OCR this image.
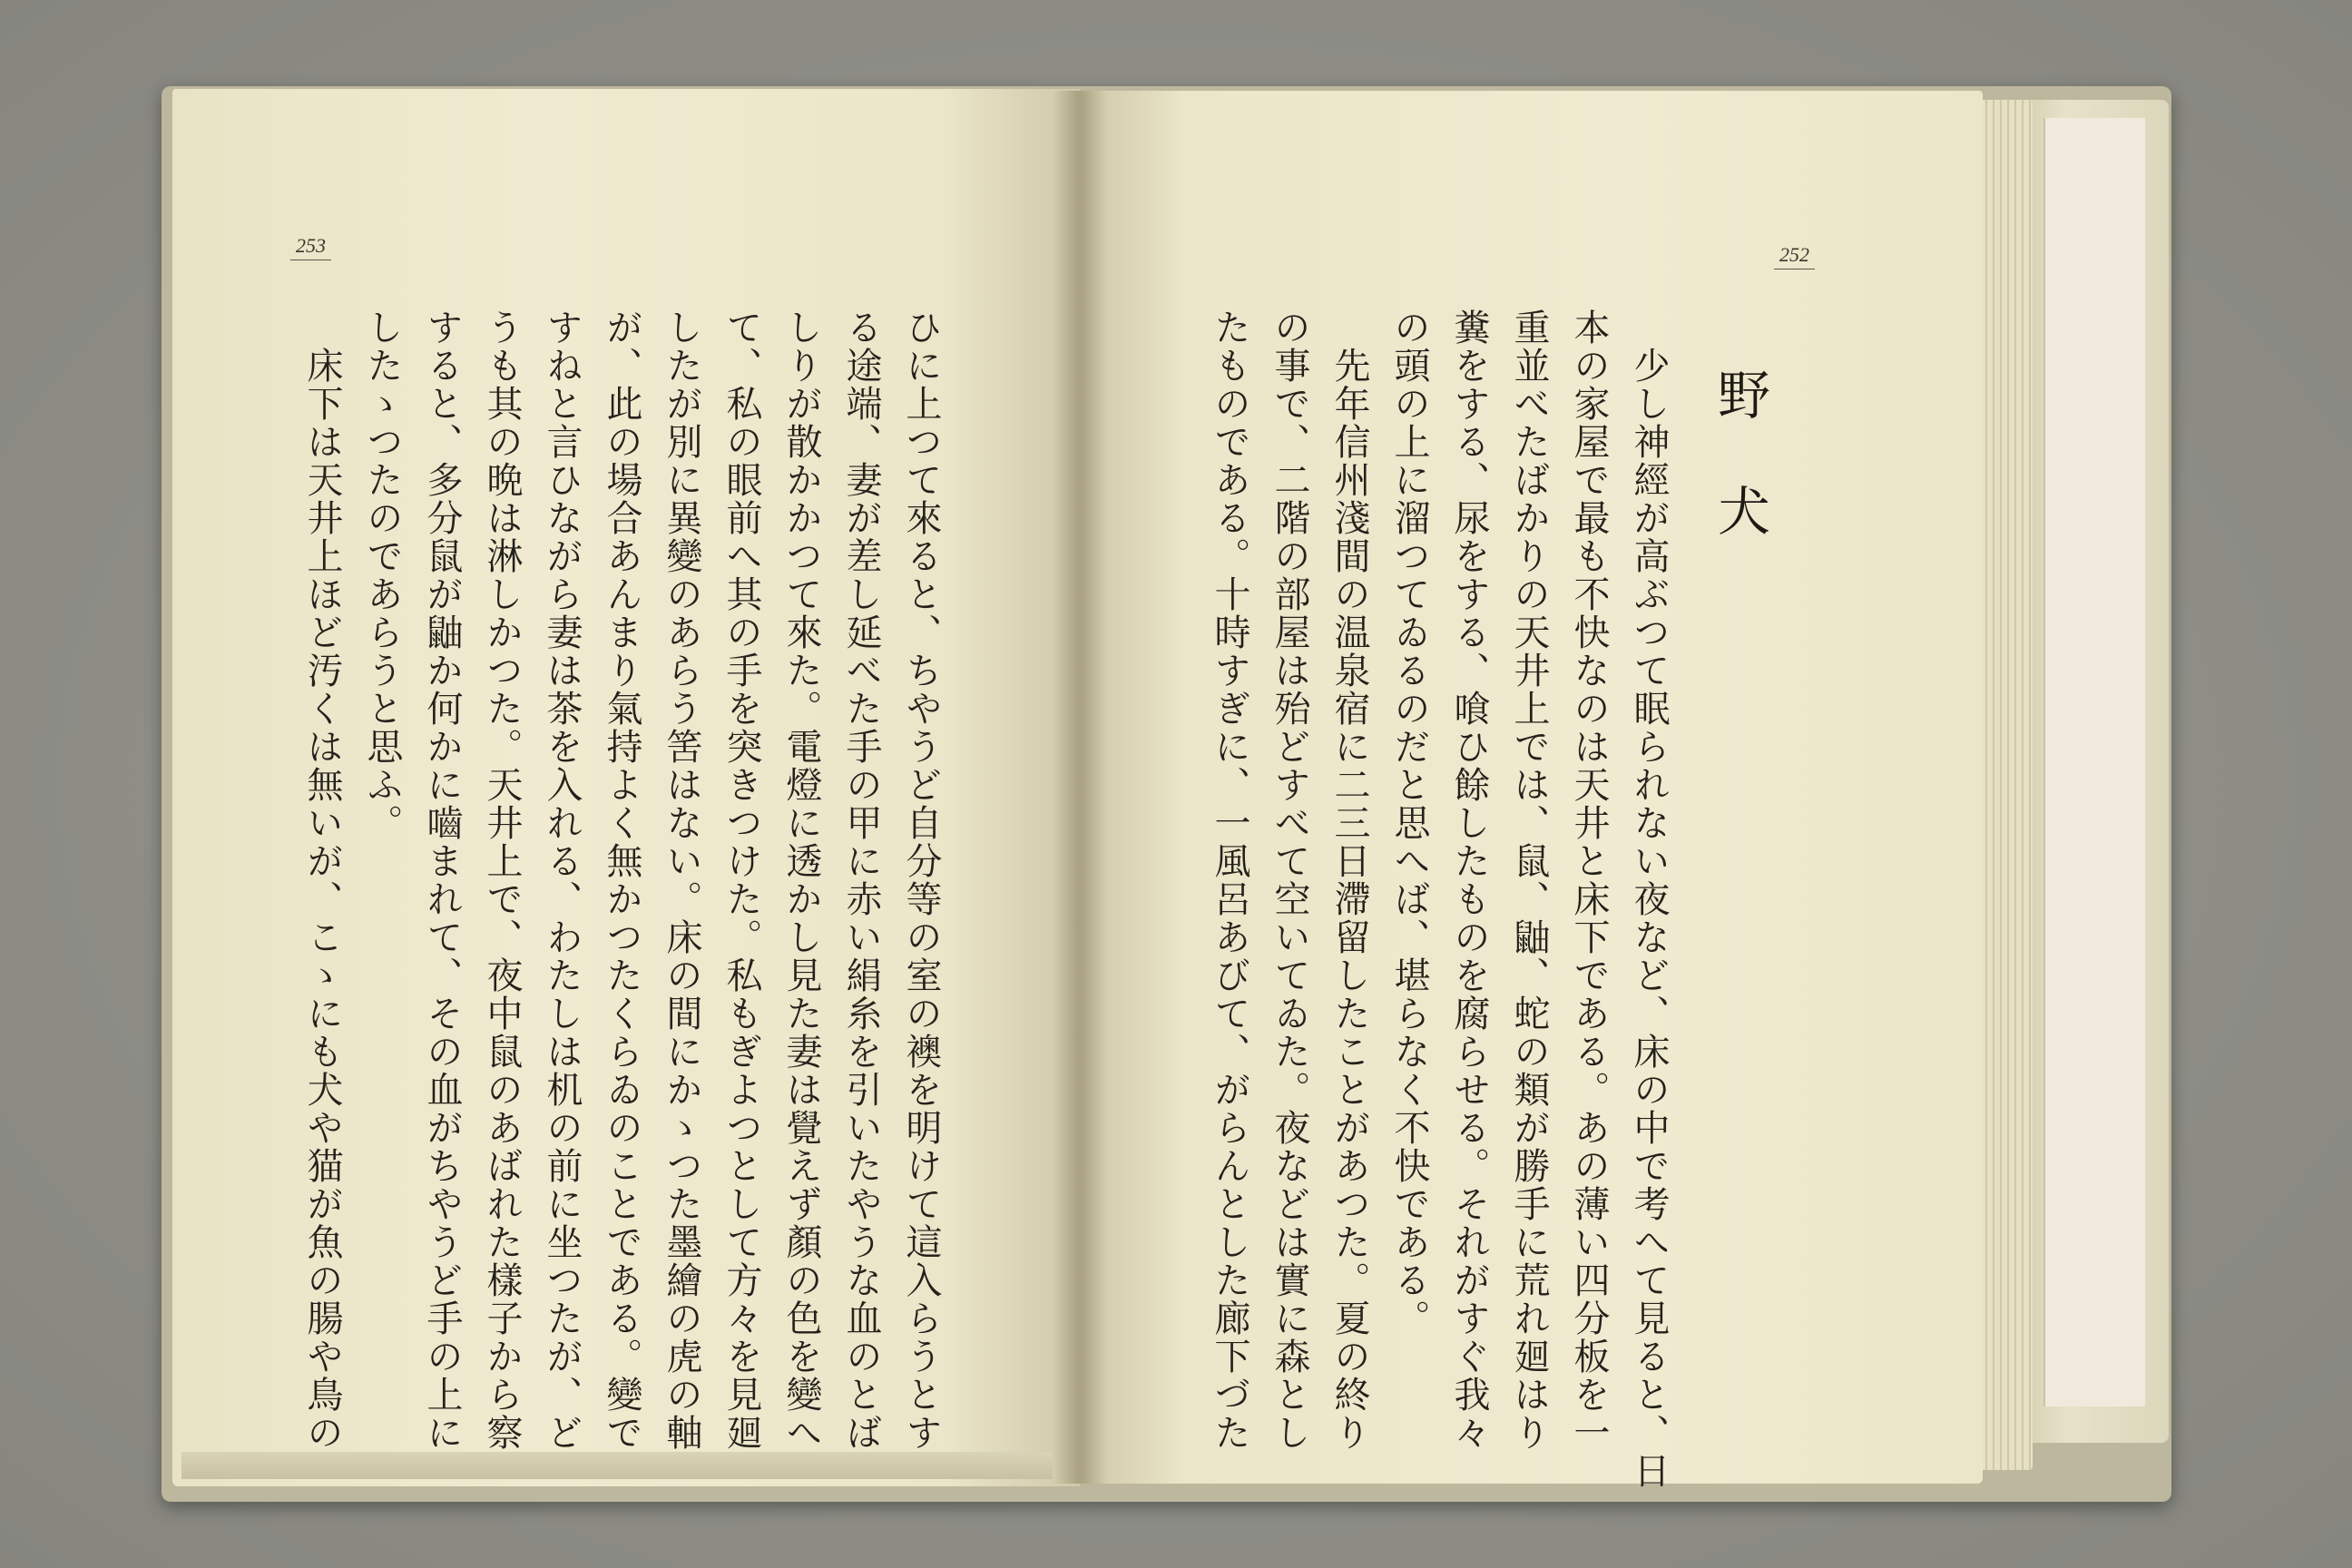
253
ひに上つて來ると、ちやうど自分等の室の襖を明けて這入らうとす
る途端、妻が差し延べた手の甲に赤い絹糸を引いたやうな血のとば
しりが散かかつて來た。電燈に透かし見た妻は覺えず顏の色を變へ
て、私の眼前へ其の手を突きつけた。私もぎよつとして方々を見廻
したが別に異變のあらう筈はない。床の間にかゝつた墨繪の虎の軸
が、此の場合あんまり氣持よく無かつたくらゐのことである。變で
すねと言ひながら妻は茶を入れる、わたしは机の前に坐つたが、ど
うも其の晩は淋しかつた。天井上で、夜中鼠のあばれた樣子から察
すると、多分鼠が鼬か何かに嚙まれて、その血がちやうど手の上に
したゝつたのであらうと思ふ。
　床下は天井上ほど汚くは無いが、こゝにも犬や猫が魚の腸や鳥の
252
野犬
　少し神經が高ぶつて眠られない夜など、床の中で考へて見ると、日
本の家屋で最も不快なのは天井と床下である。あの薄い四分板を一
重並べたばかりの天井上では、鼠、鼬、蛇の類が勝手に荒れ廻はり
糞をする、尿をする、喰ひ餘したものを腐らせる。それがすぐ我々
の頭の上に溜つてゐるのだと思へば、堪らなく不快である。
　先年信州淺間の温泉宿に二三日滯留したことがあつた。夏の終り
の事で、二階の部屋は殆どすべて空いてゐた。夜などは實に森とし
たものである。十時すぎに、一風呂あびて、がらんとした廊下づた
